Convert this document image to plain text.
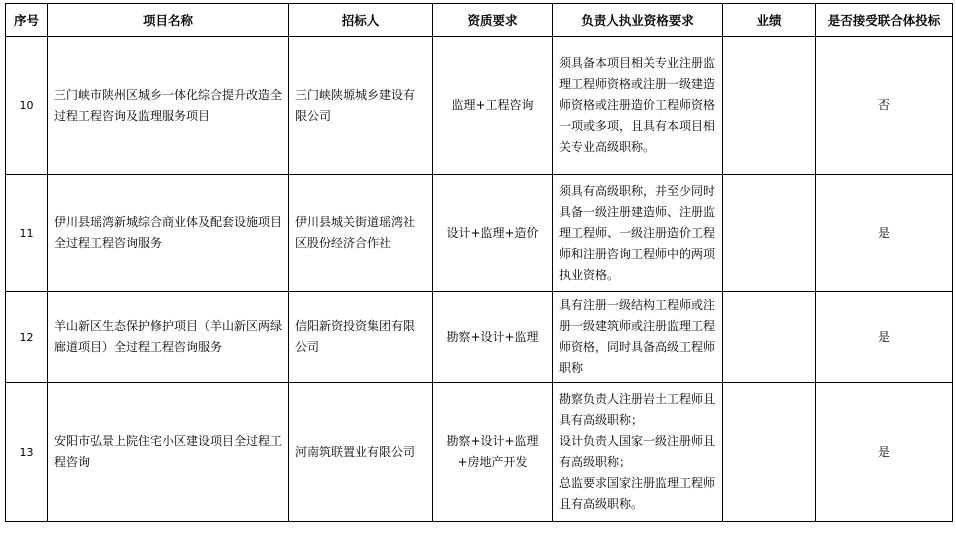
序号	项目名称	招标人	资质要求	负责人执业资格要求	业绩	是否接受联合体投标
10	三门峡市陕州区城乡一体化综合提升改造全过程工程咨询及监理服务项目	三门峡陕塬城乡建设有限公司	监理+工程咨询	须具备本项目相关专业注册监理工程师资格或注册一级建造师资格或注册造价工程师资格一项或多项，且具有本项目相关专业高级职称。		否
11	伊川县瑶湾新城综合商业体及配套设施项目全过程工程咨询服务	伊川县城关街道瑶湾社区股份经济合作社	设计+监理+造价	须具有高级职称，并至少同时具备一级注册建造师、注册监理工程师、一级注册造价工程师和注册咨询工程师中的两项执业资格。		是
12	羊山新区生态保护修护项目（羊山新区两绿廊道项目）全过程工程咨询服务	信阳新资投资集团有限公司	勘察+设计+监理	具有注册一级结构工程师或注册一级建筑师或注册监理工程师资格，同时具备高级工程师职称		是
13	安阳市弘景上院住宅小区建设项目全过程工程咨询	河南筑联置业有限公司	勘察+设计+监理+房地产开发	勘察负责人注册岩土工程师且具有高级职称；
设计负责人国家一级注册师且有高级职称；
总监要求国家注册监理工程师且有高级职称。		是
